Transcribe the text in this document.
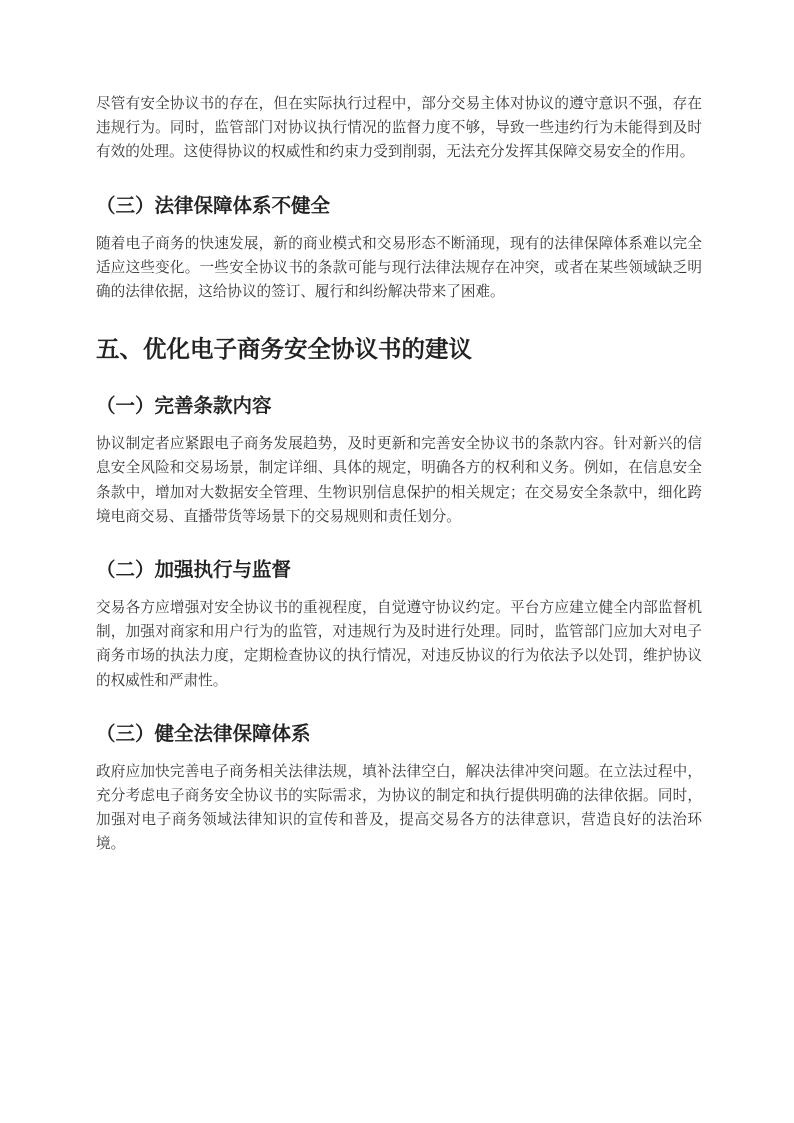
尽管有安全协议书的存在，但在实际执行过程中，部分交易主体对协议的遵守意识不强，存在违规行为。同时，监管部门对协议执行情况的监督力度不够，导致一些违约行为未能得到及时有效的处理。这使得协议的权威性和约束力受到削弱，无法充分发挥其保障交易安全的作用。

（三）法律保障体系不健全

随着电子商务的快速发展，新的商业模式和交易形态不断涌现，现有的法律保障体系难以完全适应这些变化。一些安全协议书的条款可能与现行法律法规存在冲突，或者在某些领域缺乏明确的法律依据，这给协议的签订、履行和纠纷解决带来了困难。

五、优化电子商务安全协议书的建议
（一）完善条款内容

协议制定者应紧跟电子商务发展趋势，及时更新和完善安全协议书的条款内容。针对新兴的信息安全风险和交易场景，制定详细、具体的规定，明确各方的权利和义务。例如，在信息安全条款中，增加对大数据安全管理、生物识别信息保护的相关规定；在交易安全条款中，细化跨境电商交易、直播带货等场景下的交易规则和责任划分。

（二）加强执行与监督

交易各方应增强对安全协议书的重视程度，自觉遵守协议约定。平台方应建立健全内部监督机制，加强对商家和用户行为的监管，对违规行为及时进行处理。同时，监管部门应加大对电子商务市场的执法力度，定期检查协议的执行情况，对违反协议的行为依法予以处罚，维护协议的权威性和严肃性。

（三）健全法律保障体系

政府应加快完善电子商务相关法律法规，填补法律空白，解决法律冲突问题。在立法过程中，充分考虑电子商务安全协议书的实际需求，为协议的制定和执行提供明确的法律依据。同时，加强对电子商务领域法律知识的宣传和普及，提高交易各方的法律意识，营造良好的法治环境。
